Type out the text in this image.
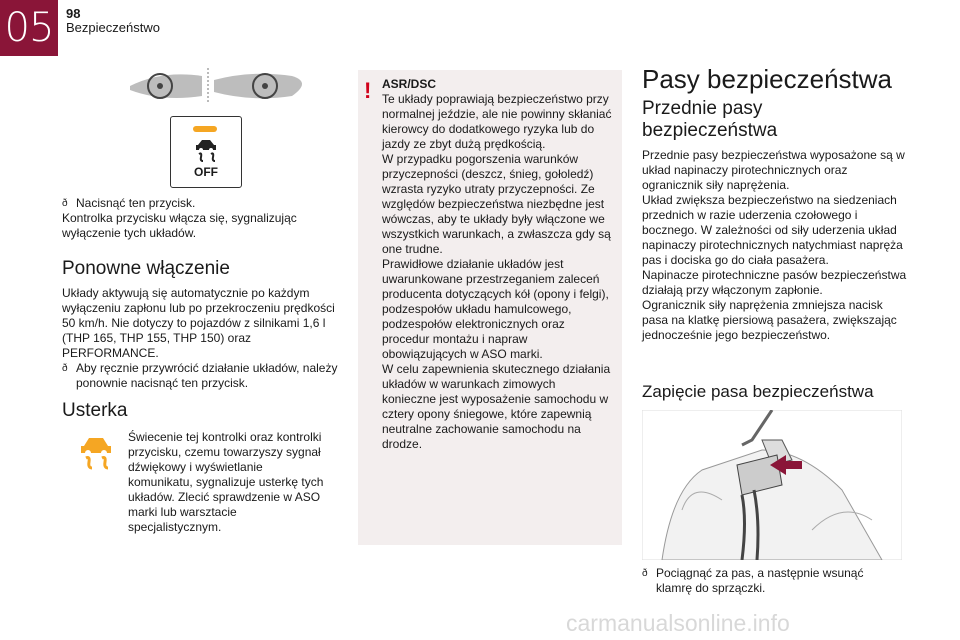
05 98
Bezpieczeństwo
OFF

ð Nacisnąć ten przycisk.

Kontrolka przycisku włącza się, sygnalizując wyłączenie tych układów.

Ponowne włączenie

Układy aktywują się automatycznie po każdym wyłączeniu zapłonu lub po przekroczeniu prędkości 50 km/h. Nie dotyczy to pojazdów z silnikami 1,6 l (THP 165, THP 155, THP 150) oraz PERFORMANCE.

ð Aby ręcznie przywrócić działanie układów, należy ponownie nacisnąć ten przycisk.

Usterka
Świecenie tej kontrolki oraz kontrolki przycisku, czemu towarzyszy sygnał dźwiękowy i wyświetlanie komunikatu, sygnalizuje usterkę tych układów. Zlecić sprawdzenie w ASO marki lub warsztacie specjalistycznym.
! ASR/DSC

Te układy poprawiają bezpieczeństwo przy normalnej jeździe, ale nie powinny skłaniać kierowcy do dodatkowego ryzyka lub do jazdy ze zbyt dużą prędkością.

W przypadku pogorszenia warunków przyczepności (deszcz, śnieg, gołoledź) wzrasta ryzyko utraty przyczepności. Ze względów bezpieczeństwa niezbędne jest wówczas, aby te układy były włączone we wszystkich warunkach, a zwłaszcza gdy są one trudne.

Prawidłowe działanie układów jest uwarunkowane przestrzeganiem zaleceń producenta dotyczących kół (opony i felgi), podzespołów układu hamulcowego, podzespołów elektronicznych oraz procedur montażu i napraw obowiązujących w ASO marki.

W celu zapewnienia skutecznego działania układów w warunkach zimowych konieczne jest wyposażenie samochodu w cztery opony śniegowe, które zapewnią neutralne zachowanie samochodu na drodze.

Pasy bezpieczeństwa
Przednie pasy bezpieczeństwa

Przednie pasy bezpieczeństwa wyposażone są w układ napinaczy pirotechnicznych oraz ogranicznik siły naprężenia.

Układ zwiększa bezpieczeństwo na siedzeniach przednich w razie uderzenia czołowego i bocznego. W zależności od siły uderzenia układ napinaczy pirotechnicznych natychmiast napręża pas i dociska go do ciała pasażera.

Napinacze pirotechniczne pasów bezpieczeństwa działają przy włączonym zapłonie.

Ogranicznik siły naprężenia zmniejsza nacisk pasa na klatkę piersiową pasażera, zwiększając jednocześnie jego bezpieczeństwo.

Zapięcie pasa bezpieczeństwa

ð Pociągnąć za pas, a następnie wsunąć klamrę do sprzączki.

carmanualsonline.info
